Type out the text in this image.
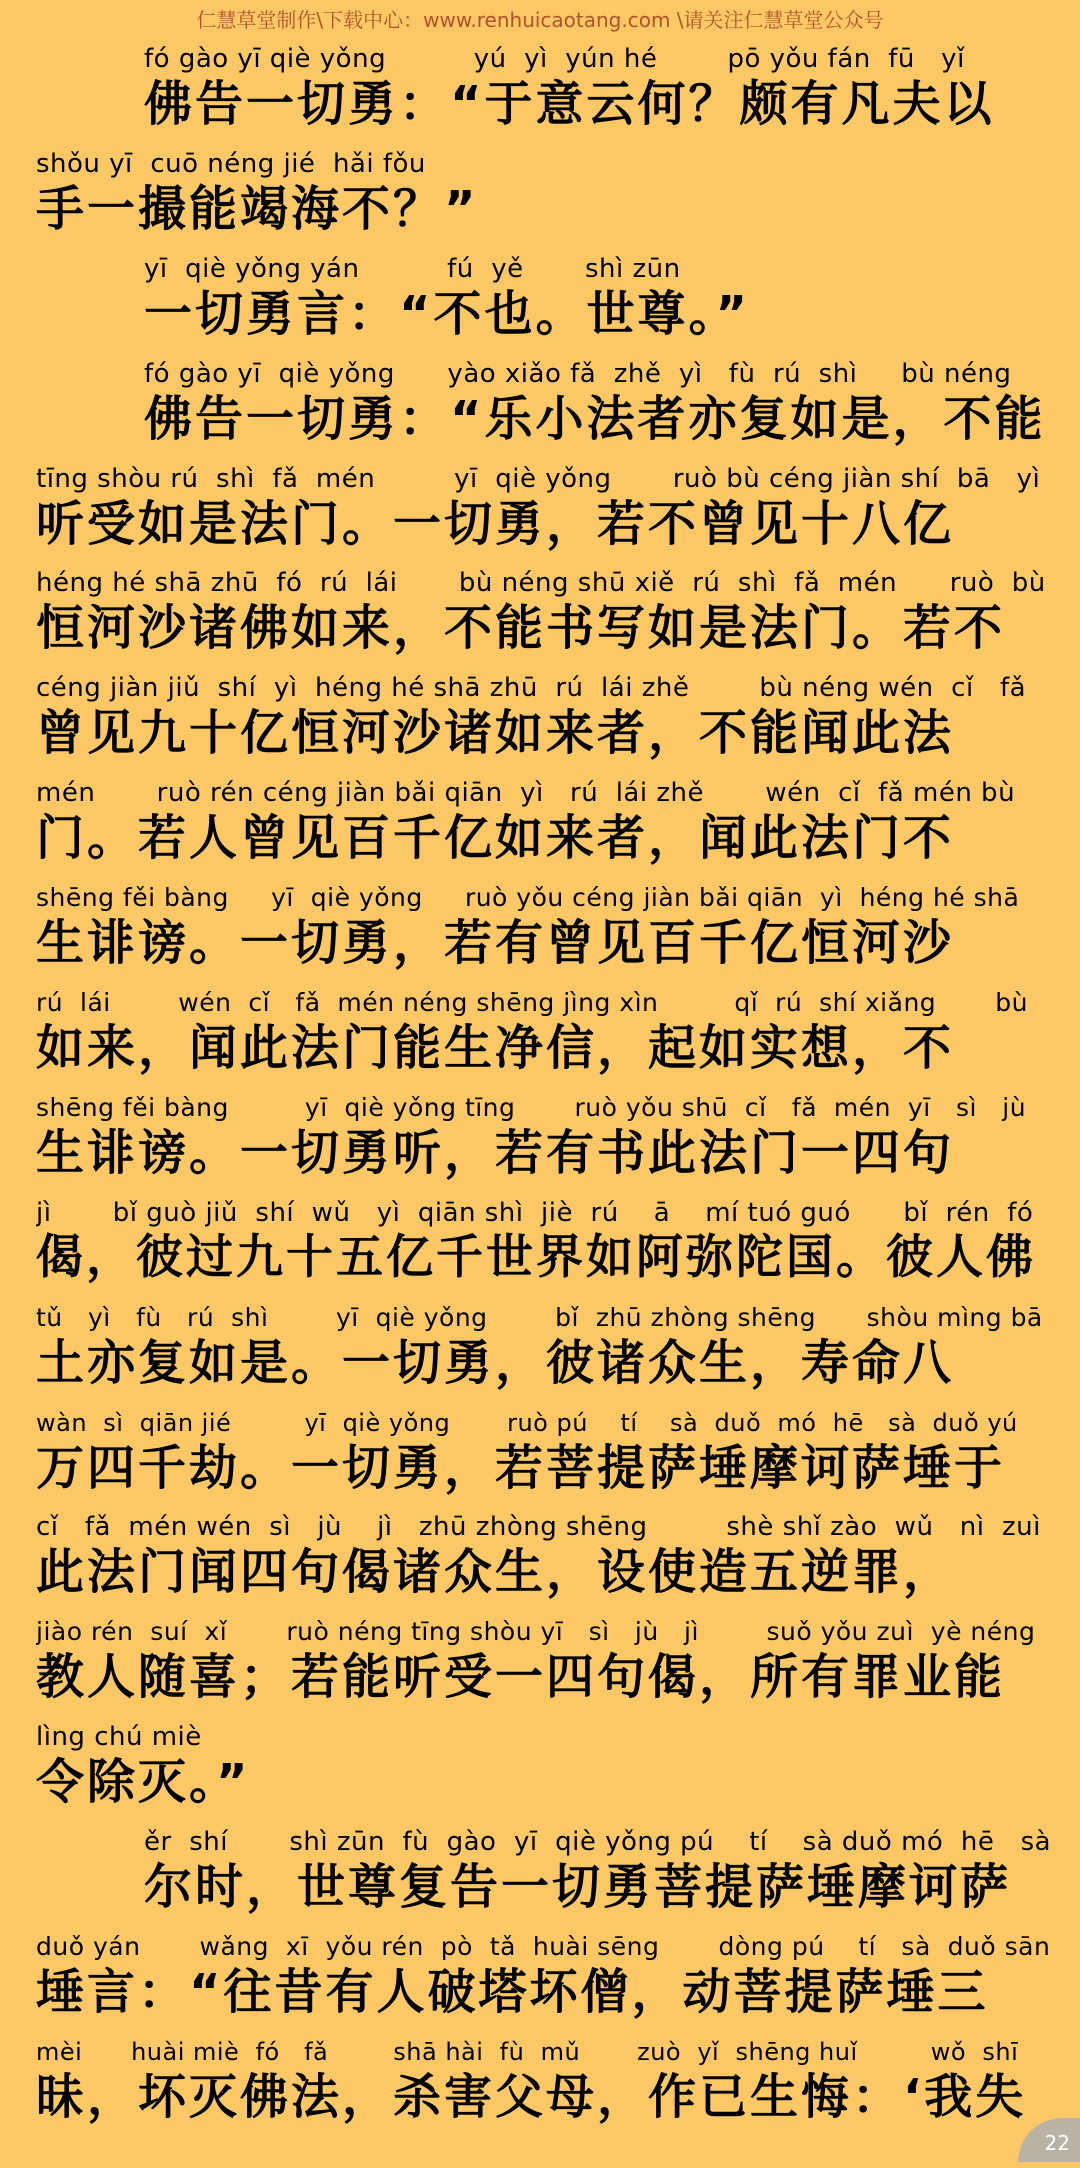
仁慧草堂制作\下载中心：www.renhuicaotang.com \请关注仁慧草堂公众号
fó gào yī qiè yǒng          yú  yì  yún hé        pō yǒu fán  fū   yǐ
佛告一切勇：“于意云何？颇有凡夫以
shǒu yī  cuō néng jié  hǎi fǒu
手一撮能竭海不？”
yī  qiè yǒng yán          fú  yě       shì zūn
一切勇言：“不也。世尊。”
fó gào yī  qiè yǒng      yào xiǎo fǎ  zhě  yì   fù  rú  shì     bù néng
佛告一切勇：“乐小法者亦复如是，不能
tīng shòu rú  shì  fǎ  mén         yī  qiè yǒng       ruò bù céng jiàn shí  bā   yì
听受如是法门。一切勇，若不曾见十八亿
héng hé shā zhū  fó  rú  lái       bù néng shū xiě  rú  shì  fǎ  mén      ruò  bù
恒河沙诸佛如来，不能书写如是法门。若不
céng jiàn jiǔ  shí  yì  héng hé shā zhū  rú  lái zhě        bù néng wén  cǐ   fǎ
曾见九十亿恒河沙诸如来者，不能闻此法
mén       ruò rén céng jiàn bǎi qiān  yì   rú  lái zhě       wén  cǐ  fǎ mén bù
门。若人曾见百千亿如来者，闻此法门不
shēng fěi bàng     yī  qiè yǒng     ruò yǒu céng jiàn bǎi qiān  yì  héng hé shā
生诽谤。一切勇，若有曾见百千亿恒河沙
rú  lái        wén  cǐ   fǎ  mén néng shēng jìng xìn         qǐ  rú  shí xiǎng       bù
如来，闻此法门能生净信，起如实想，不
shēng fěi bàng         yī  qiè yǒng tīng       ruò yǒu shū  cǐ   fǎ  mén  yī   sì   jù
生诽谤。一切勇听，若有书此法门一四句
jì       bǐ guò jiǔ  shí  wǔ   yì  qiān shì  jiè  rú    ā    mí tuó guó      bǐ  rén  fó
偈，彼过九十五亿千世界如阿弥陀国。彼人佛
tǔ   yì   fù   rú  shì        yī  qiè yǒng        bǐ  zhū zhòng shēng      shòu mìng bā
土亦复如是。一切勇，彼诸众生，寿命八
wàn  sì  qiān jié         yī  qiè yǒng       ruò pú    tí    sà  duǒ  mó  hē   sà  duǒ yú
万四千劫。一切勇，若菩提萨埵摩诃萨埵于
cǐ   fǎ  mén wén  sì   jù    jì   zhū zhòng shēng         shè shǐ zào  wǔ   nì  zuì
此法门闻四句偈诸众生，设使造五逆罪，
jiào rén  suí  xǐ       ruò néng tīng shòu yī   sì   jù   jì        suǒ yǒu zuì  yè néng
教人随喜；若能听受一四句偈，所有罪业能
lìng chú miè
令除灭。”
ěr  shí       shì zūn  fù  gào  yī  qiè yǒng pú    tí    sà duǒ mó  hē   sà
尔时，世尊复告一切勇菩提萨埵摩诃萨
duǒ yán       wǎng  xī  yǒu rén  pò  tǎ  huài sēng       dòng pú    tí   sà  duǒ sān
埵言：“往昔有人破塔坏僧，动菩提萨埵三
mèi      huài miè  fó   fǎ        shā hài  fù  mǔ       zuò  yǐ  shēng huǐ         wǒ  shī
昧，坏灭佛法，杀害父母，作已生悔：‘我失
22
